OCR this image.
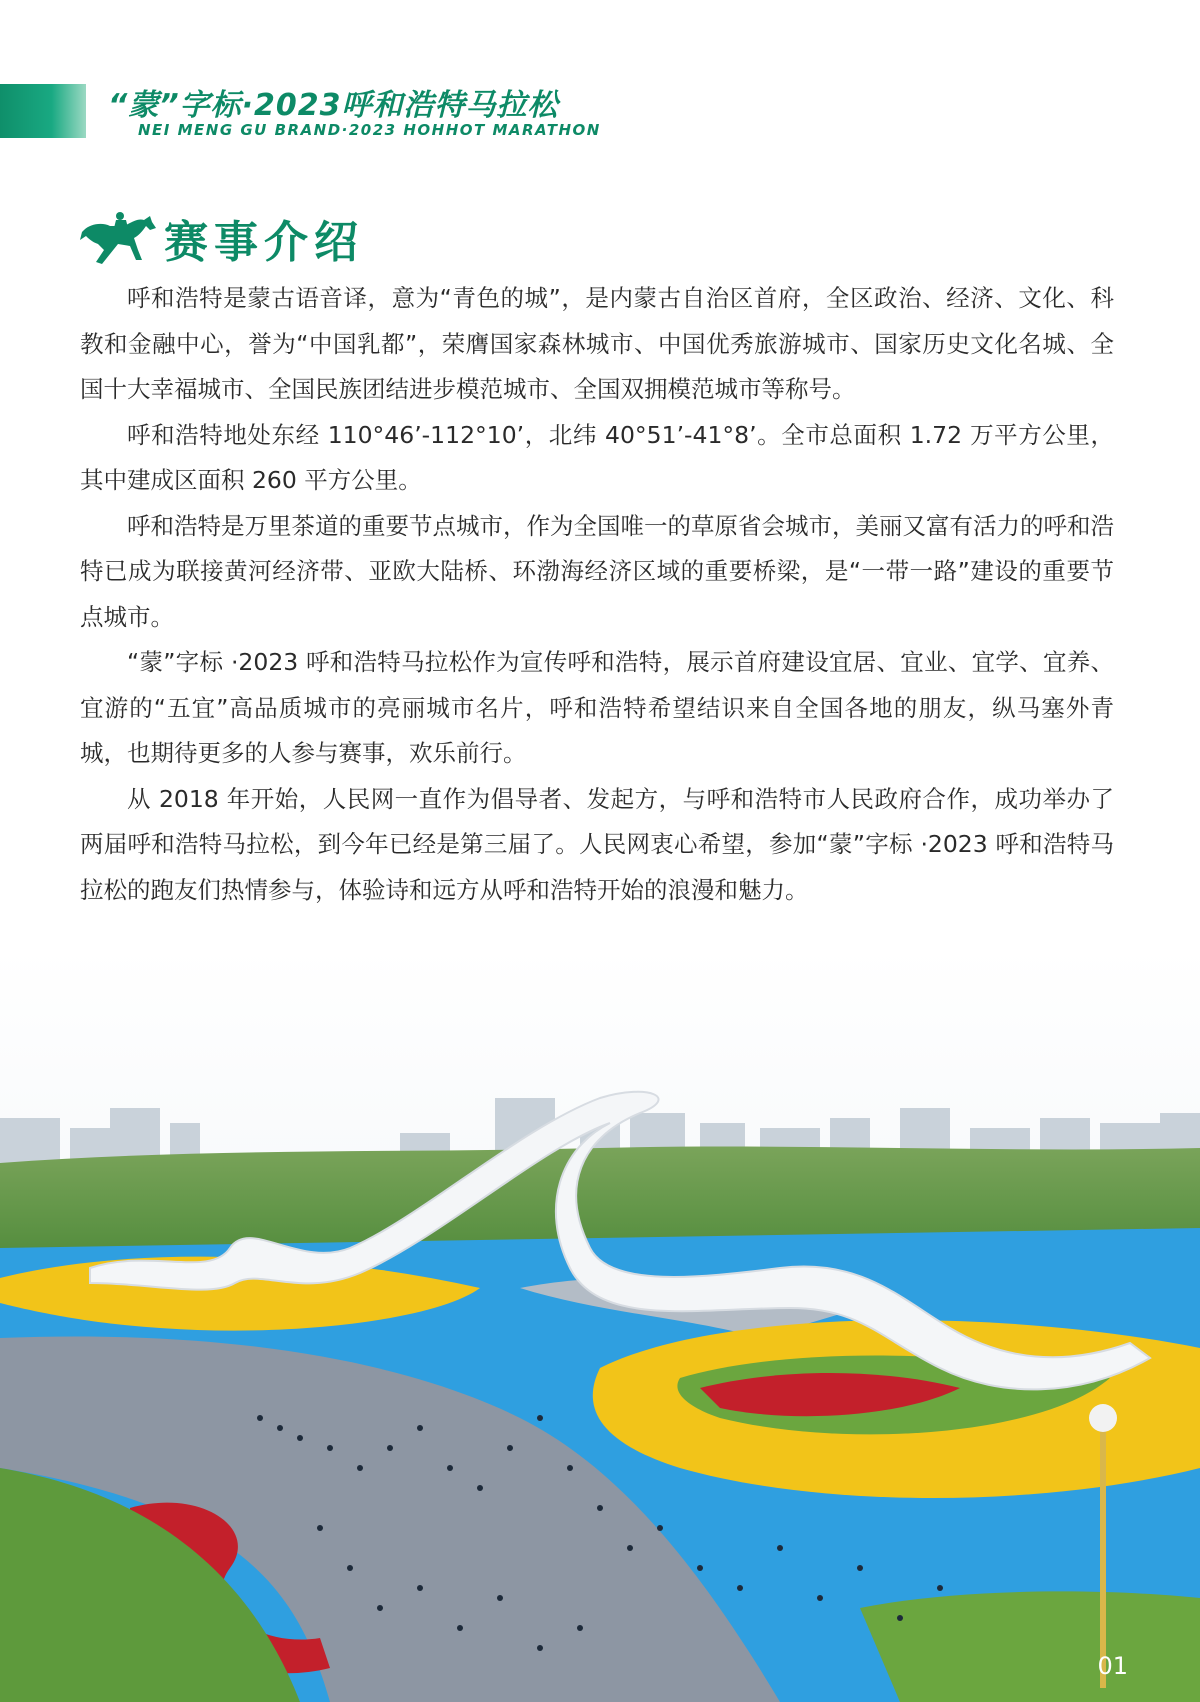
“蒙”字标·2023呼和浩特马拉松
NEI MENG GU BRAND·2023 HOHHOT MARATHON
赛事介绍

呼和浩特是蒙古语音译，意为“青色的城”，是内蒙古自治区首府，全区政治、经济、文化、科教和金融中心，誉为“中国乳都”，荣膺国家森林城市、中国优秀旅游城市、国家历史文化名城、全国十大幸福城市、全国民族团结进步模范城市、全国双拥模范城市等称号。

呼和浩特地处东经 110°46’-112°10’，北纬 40°51’-41°8’。全市总面积 1.72 万平方公里，其中建成区面积 260 平方公里。

呼和浩特是万里茶道的重要节点城市，作为全国唯一的草原省会城市，美丽又富有活力的呼和浩特已成为联接黄河经济带、亚欧大陆桥、环渤海经济区域的重要桥梁，是“一带一路”建设的重要节点城市。

“蒙”字标 ·2023 呼和浩特马拉松作为宣传呼和浩特，展示首府建设宜居、宜业、宜学、宜养、宜游的“五宜”高品质城市的亮丽城市名片，呼和浩特希望结识来自全国各地的朋友，纵马塞外青城，也期待更多的人参与赛事，欢乐前行。

从 2018 年开始，人民网一直作为倡导者、发起方，与呼和浩特市人民政府合作，成功举办了两届呼和浩特马拉松，到今年已经是第三届了。人民网衷心希望，参加“蒙”字标 ·2023 呼和浩特马拉松的跑友们热情参与，体验诗和远方从呼和浩特开始的浪漫和魅力。

01
